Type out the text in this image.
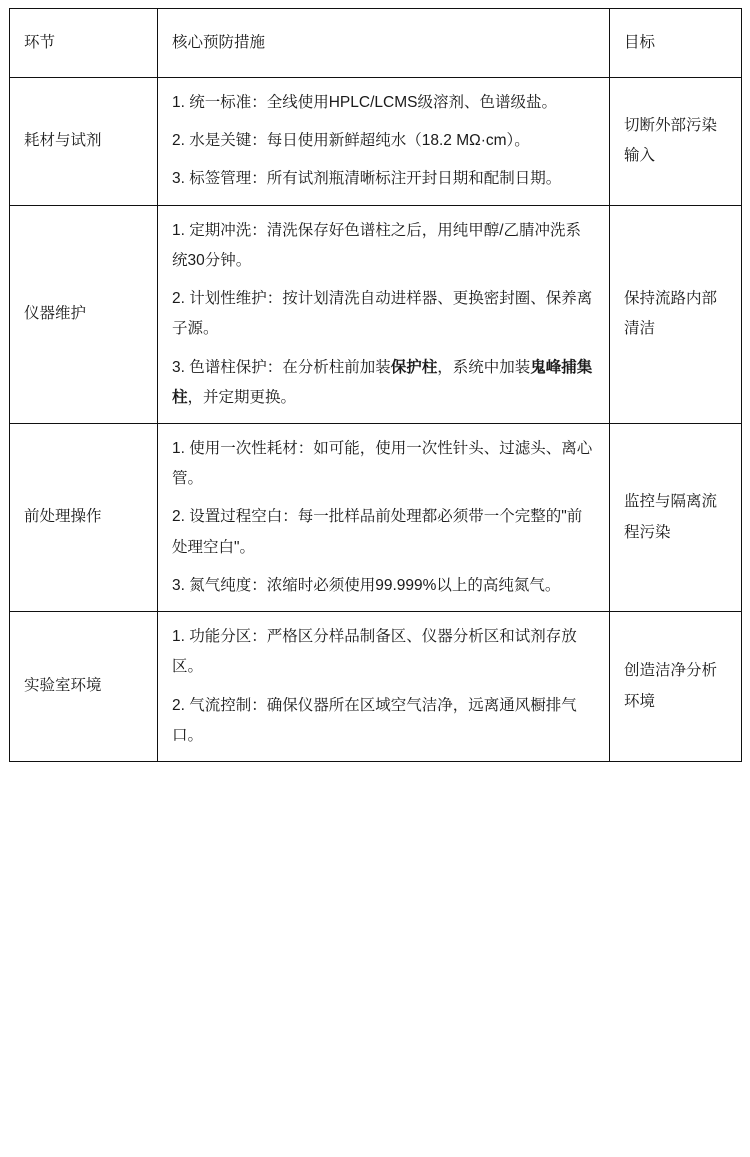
环节	核心预防措施	目标
耗材与试剂	1. 统一标准：全线使用HPLC/LCMS级溶剂、色谱级盐。

2. 水是关键：每日使用新鲜超纯水（18.2 MΩ·cm）。

3. 标签管理：所有试剂瓶清晰标注开封日期和配制日期。	切断外部污染输入
仪器维护	1. 定期冲洗：清洗保存好色谱柱之后，用纯甲醇/乙腈冲洗系统30分钟。

2. 计划性维护：按计划清洗自动进样器、更换密封圈、保养离子源。

3. 色谱柱保护：在分析柱前加装保护柱，系统中加装鬼峰捕集柱，并定期更换。	保持流路内部清洁
前处理操作	1. 使用一次性耗材：如可能，使用一次性针头、过滤头、离心管。

2. 设置过程空白：每一批样品前处理都必须带一个完整的"前处理空白"。

3. 氮气纯度：浓缩时必须使用99.999%以上的高纯氮气。	监控与隔离流程污染
实验室环境	1. 功能分区：严格区分样品制备区、仪器分析区和试剂存放区。

2. 气流控制：确保仪器所在区域空气洁净，远离通风橱排气口。	创造洁净分析环境
